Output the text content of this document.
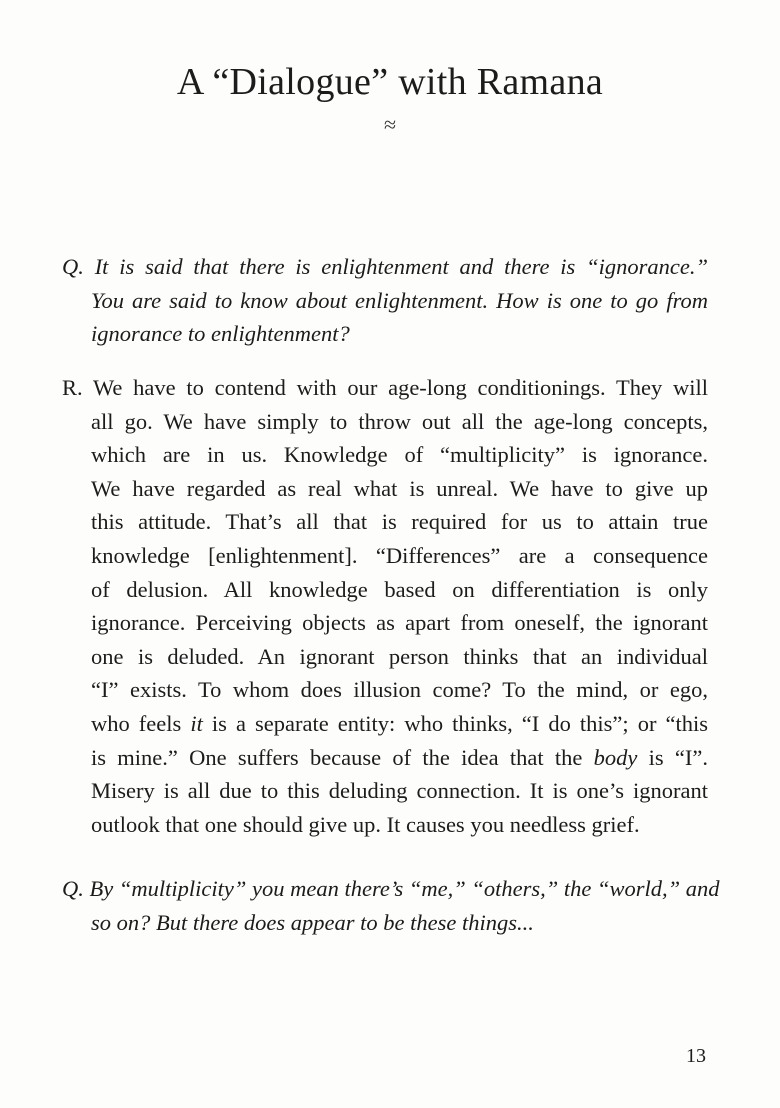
A “Dialogue” with Ramana
≈
Q. It is said that there is enlightenment and there is “ignorance.”
You are said to know about enlightenment. How is one to go from
ignorance to enlightenment?
R. We have to contend with our age-long conditionings. They will
all go. We have simply to throw out all the age-long concepts,
which are in us. Knowledge of “multiplicity” is ignorance.
We have regarded as real what is unreal. We have to give up
this attitude. That’s all that is required for us to attain true
knowledge [enlightenment]. “Differences” are a consequence
of delusion. All knowledge based on differentiation is only
ignorance. Perceiving objects as apart from oneself, the ignorant
one is deluded. An ignorant person thinks that an individual
“I” exists. To whom does illusion come? To the mind, or ego,
who feels it is a separate entity: who thinks, “I do this”; or “this
is mine.” One suffers because of the idea that the body is “I”.
Misery is all due to this deluding connection. It is one’s ignorant
outlook that one should give up. It causes you needless grief.
Q. By “multiplicity” you mean there’s “me,” “others,” the “world,” and
so on? But there does appear to be these things...
13
